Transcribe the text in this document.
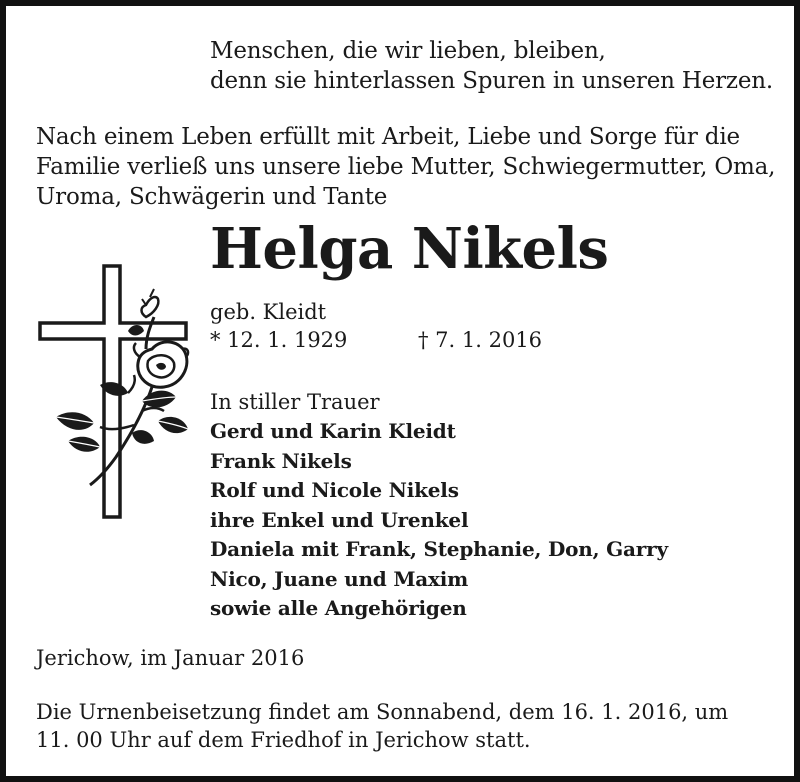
Menschen, die wir lieben, bleiben,
denn sie hinterlassen Spuren in unseren Herzen.
Nach einem Leben erfüllt mit Arbeit, Liebe und Sorge für die
Familie verließ uns unsere liebe Mutter, Schwiegermutter, Oma,
Uroma, Schwägerin und Tante
Helga Nikels
geb. Kleidt
* 12. 1. 1929	† 7. 1. 2016
In stiller Trauer
Gerd und Karin Kleidt
Frank Nikels
Rolf und Nicole Nikels
ihre Enkel und Urenkel
Daniela mit Frank, Stephanie, Don, Garry
Nico, Juane und Maxim
sowie alle Angehörigen
Jerichow, im Januar 2016
Die Urnenbeisetzung findet am Sonnabend, dem 16. 1. 2016, um
11. 00 Uhr auf dem Friedhof in Jerichow statt.
